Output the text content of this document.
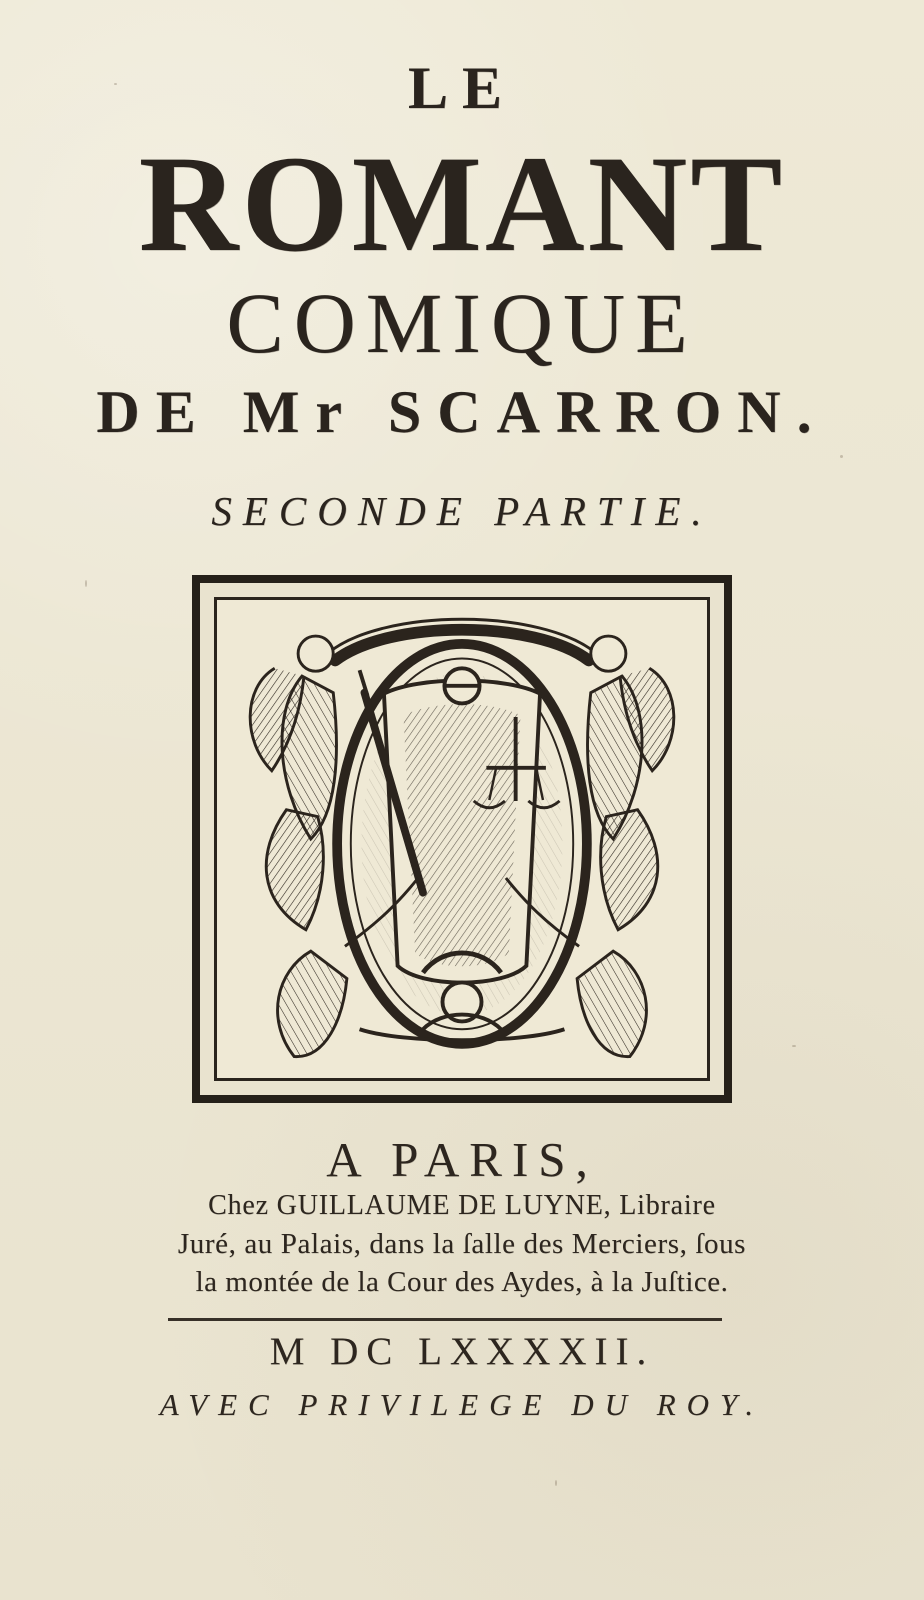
LE
ROMANT
COMIQUE
DE Mr SCARRON.
SECONDE PARTIE.
A PARIS,
Chez GUILLAUME DE LUYNE, Libraire
Juré, au Palais, dans la ſalle des Merciers, ſous
la montée de la Cour des Aydes, à la Juſtice.
M DC LXXXXII.
AVEC PRIVILEGE DU ROY.
